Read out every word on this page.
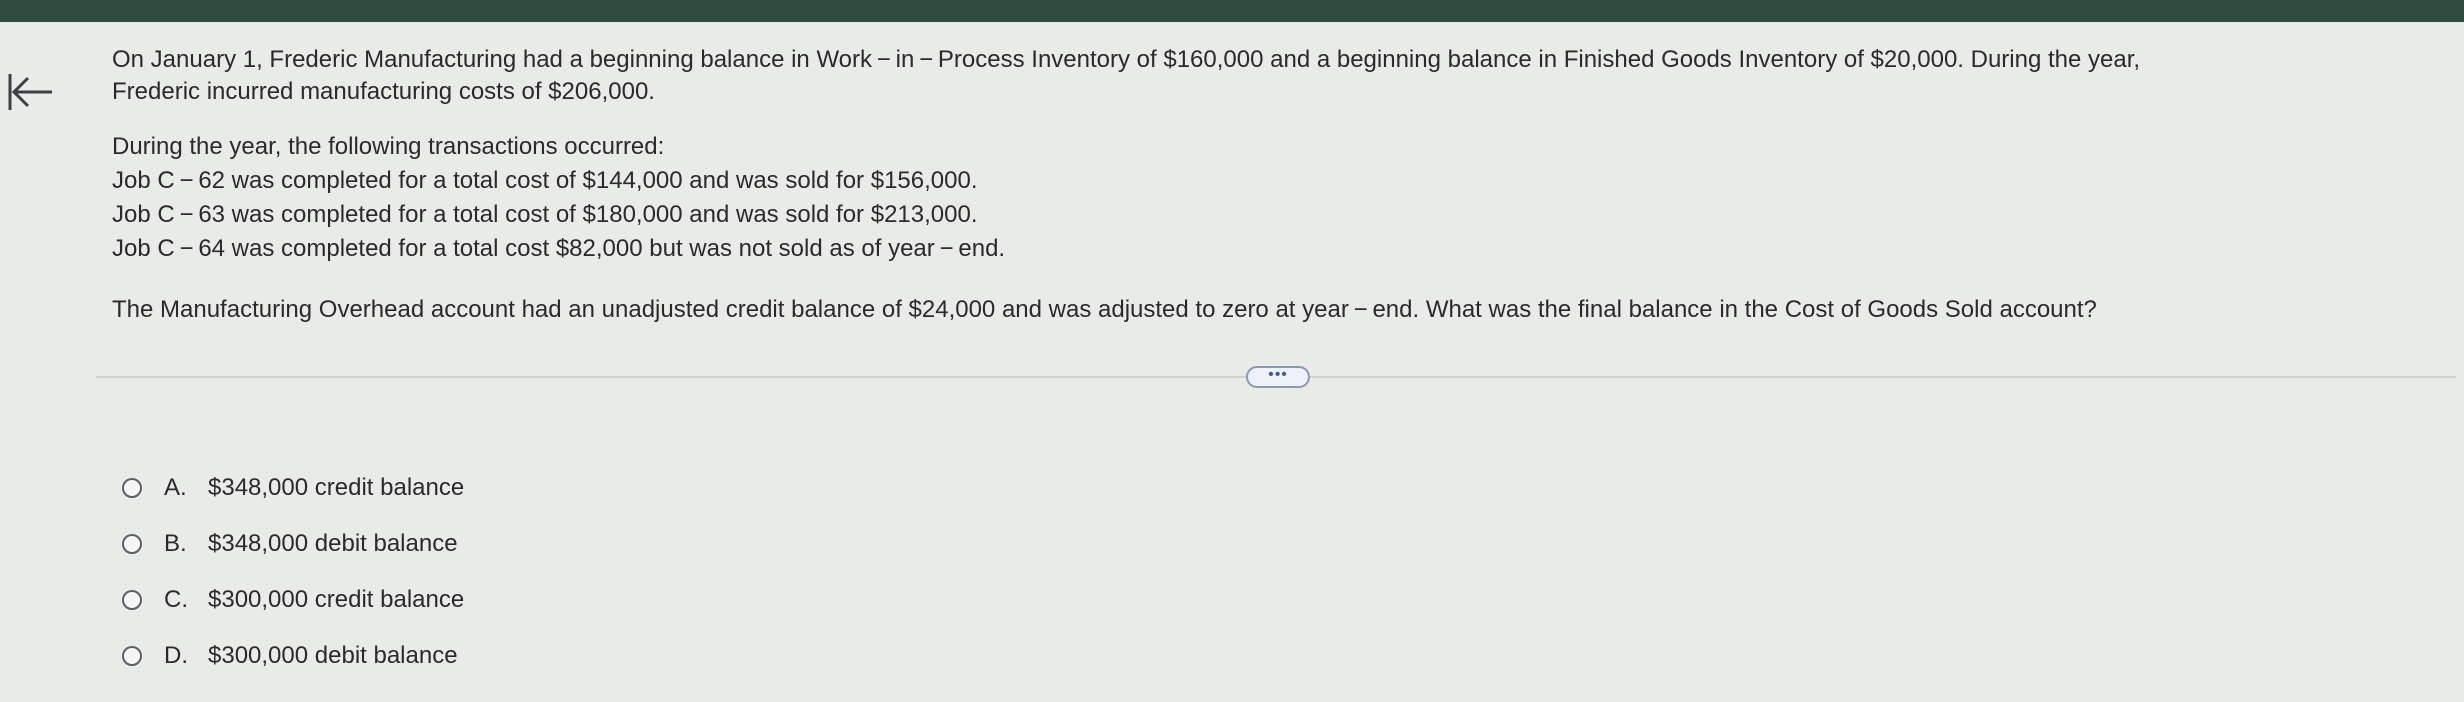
On January 1, Frederic Manufacturing had a beginning balance in Work − in − Process Inventory of $160,000 and a beginning balance in Finished Goods Inventory of $20,000. During the year,

Frederic incurred manufacturing costs of $206,000.

During the year, the following transactions occurred:

Job C − 62 was completed for a total cost of $144,000 and was sold for $156,000.

Job C − 63 was completed for a total cost of $180,000 and was sold for $213,000.

Job C − 64 was completed for a total cost $82,000 but was not sold as of year − end.

The Manufacturing Overhead account had an unadjusted credit balance of $24,000 and was adjusted to zero at year − end. What was the final balance in the Cost of Goods Sold account?

•••
A. $348,000 credit balance
B. $348,000 debit balance
C. $300,000 credit balance
D. $300,000 debit balance
